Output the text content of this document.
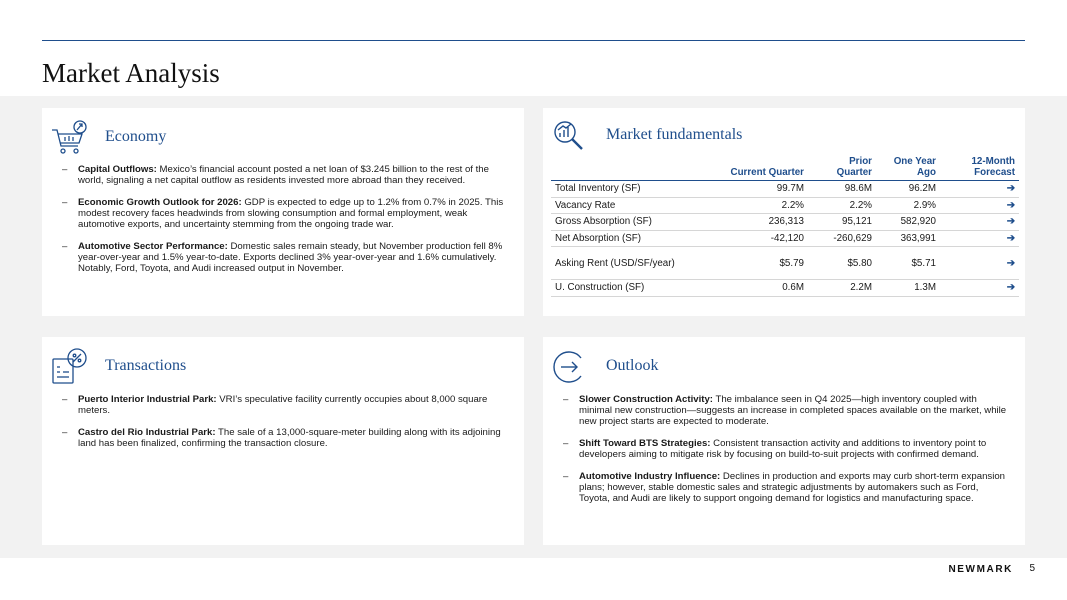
Market Analysis
Economy
– Capital Outflows: Mexico’s financial account posted a net loan of $3.245 billion to the rest of the world, signaling a net capital outflow as residents invested more abroad than they received.
– Economic Growth Outlook for 2026: GDP is expected to edge up to 1.2% from 0.7% in 2025. This modest recovery faces headwinds from slowing consumption and formal employment, weak automotive exports, and uncertainty stemming from the ongoing trade war.
– Automotive Sector Performance: Domestic sales remain steady, but November production fell 8% year-over-year and 1.5% year-to-date. Exports declined 3% year-over-year and 1.6% cumulatively. Notably, Ford, Toyota, and Audi increased output in November.
Market fundamentals
	Current Quarter	Prior Quarter	One Year Ago	12-Month Forecast
Total Inventory (SF)	99.7M	98.6M	96.2M	➔
Vacancy Rate	2.2%	2.2%	2.9%	➔
Gross Absorption (SF)	236,313	95,121	582,920	➔
Net Absorption (SF)	-42,120	-260,629	363,991	➔
Asking Rent (USD/SF/year)	$5.79	$5.80	$5.71	➔
U. Construction (SF)	0.6M	2.2M	1.3M	➔
Transactions
– Puerto Interior Industrial Park: VRI’s speculative facility currently occupies about 8,000 square meters.
– Castro del Rio Industrial Park: The sale of a 13,000-square-meter building along with its adjoining land has been finalized, confirming the transaction closure.
Outlook
– Slower Construction Activity: The imbalance seen in Q4 2025—high inventory coupled with minimal new construction—suggests an increase in completed spaces available on the market, while new project starts are expected to moderate.
– Shift Toward BTS Strategies: Consistent transaction activity and additions to inventory point to developers aiming to mitigate risk by focusing on build-to-suit projects with confirmed demand.
– Automotive Industry Influence: Declines in production and exports may curb short-term expansion plans; however, stable domestic sales and strategic adjustments by automakers such as Ford, Toyota, and Audi are likely to support ongoing demand for logistics and manufacturing space.
NEWMARK 5
